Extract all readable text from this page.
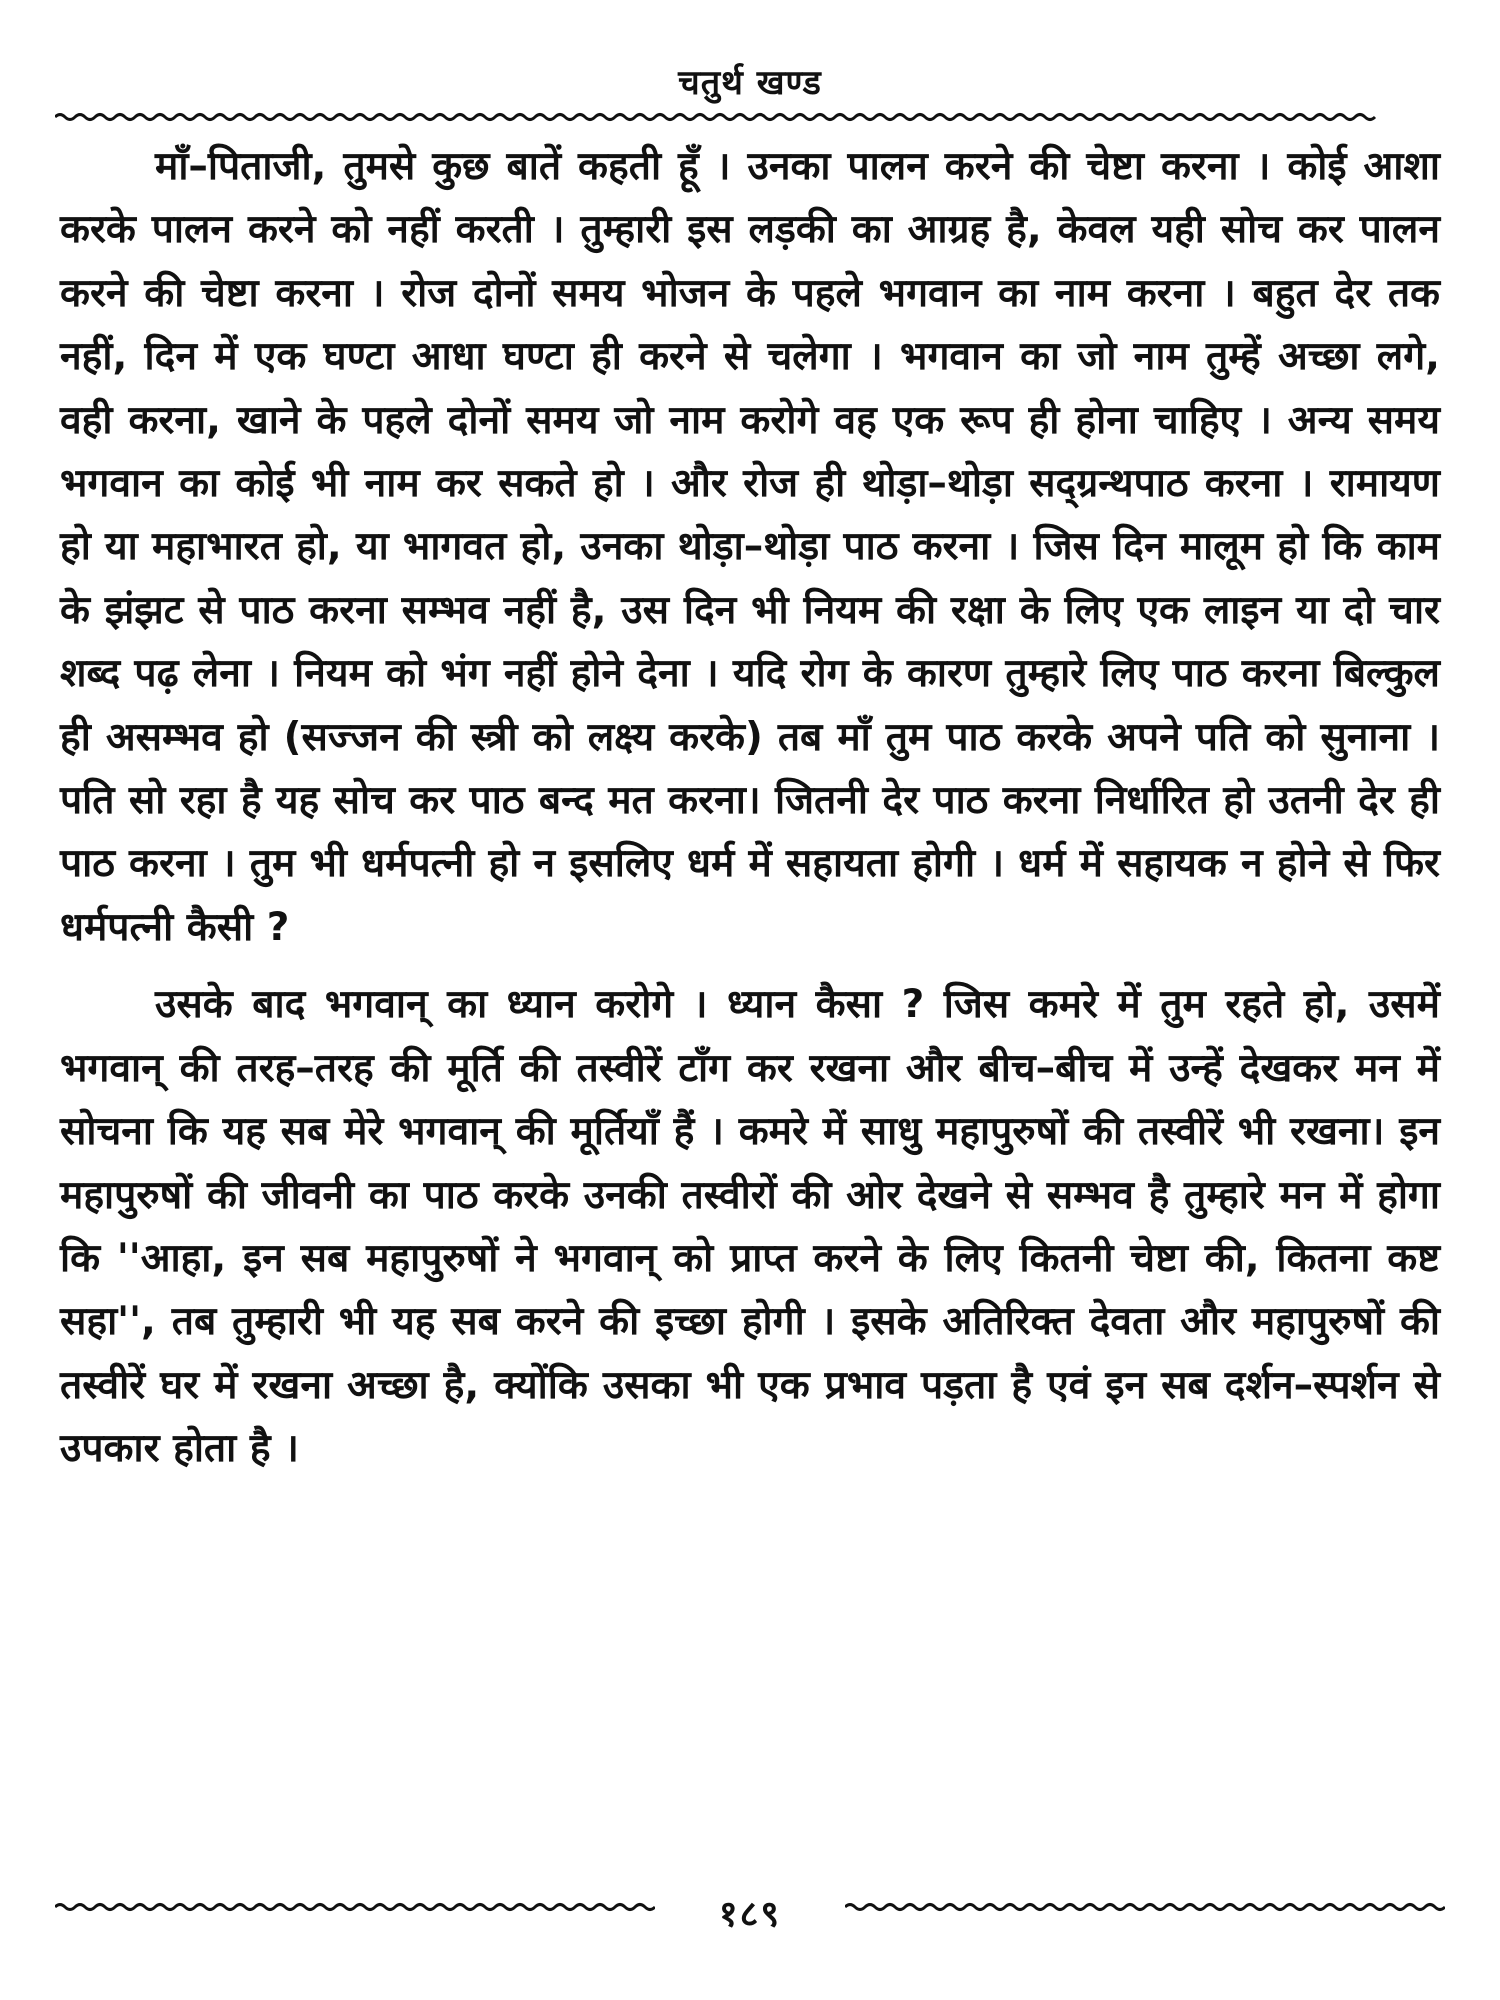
चतुर्थ खण्ड

माँ–पिताजी, तुमसे कुछ बातें कहती हूँ । उनका पालन करने की चेष्टा करना । कोई आशा करके पालन करने को नहीं करती । तुम्हारी इस लड़की का आग्रह है, केवल यही सोच कर पालन करने की चेष्टा करना । रोज दोनों समय भोजन के पहले भगवान का नाम करना । बहुत देर तक नहीं, दिन में एक घण्टा आधा घण्टा ही करने से चलेगा । भगवान का जो नाम तुम्हें अच्छा लगे, वही करना, खाने के पहले दोनों समय जो नाम करोगे वह एक रूप ही होना चाहिए । अन्य समय भगवान का कोई भी नाम कर सकते हो । और रोज ही थोड़ा–थोड़ा सद्ग्रन्थपाठ करना । रामायण हो या महाभारत हो, या भागवत हो, उनका थोड़ा–थोड़ा पाठ करना । जिस दिन मालूम हो कि काम के झंझट से पाठ करना सम्भव नहीं है, उस दिन भी नियम की रक्षा के लिए एक लाइन या दो चार शब्द पढ़ लेना । नियम को भंग नहीं होने देना । यदि रोग के कारण तुम्हारे लिए पाठ करना बिल्कुल ही असम्भव हो (सज्जन की स्त्री को लक्ष्य करके) तब माँ तुम पाठ करके अपने पति को सुनाना । पति सो रहा है यह सोच कर पाठ बन्द मत करना। जितनी देर पाठ करना निर्धारित हो उतनी देर ही पाठ करना । तुम भी धर्मपत्नी हो न इसलिए धर्म में सहायता होगी । धर्म में सहायक न होने से फिर धर्मपत्नी कैसी ?

उसके बाद भगवान् का ध्यान करोगे । ध्यान कैसा ? जिस कमरे में तुम रहते हो, उसमें भगवान् की तरह–तरह की मूर्ति की तस्वीरें टाँग कर रखना और बीच–बीच में उन्हें देखकर मन में सोचना कि यह सब मेरे भगवान् की मूर्तियाँ हैं । कमरे में साधु महापुरुषों की तस्वीरें भी रखना। इन महापुरुषों की जीवनी का पाठ करके उनकी तस्वीरों की ओर देखने से सम्भव है तुम्हारे मन में होगा कि ''आहा, इन सब महापुरुषों ने भगवान् को प्राप्त करने के लिए कितनी चेष्टा की, कितना कष्ट सहा'', तब तुम्हारी भी यह सब करने की इच्छा होगी । इसके अतिरिक्त देवता और महापुरुषों की तस्वीरें घर में रखना अच्छा है, क्योंकि उसका भी एक प्रभाव पड़ता है एवं इन सब दर्शन–स्पर्शन से उपकार होता है ।

१८९
